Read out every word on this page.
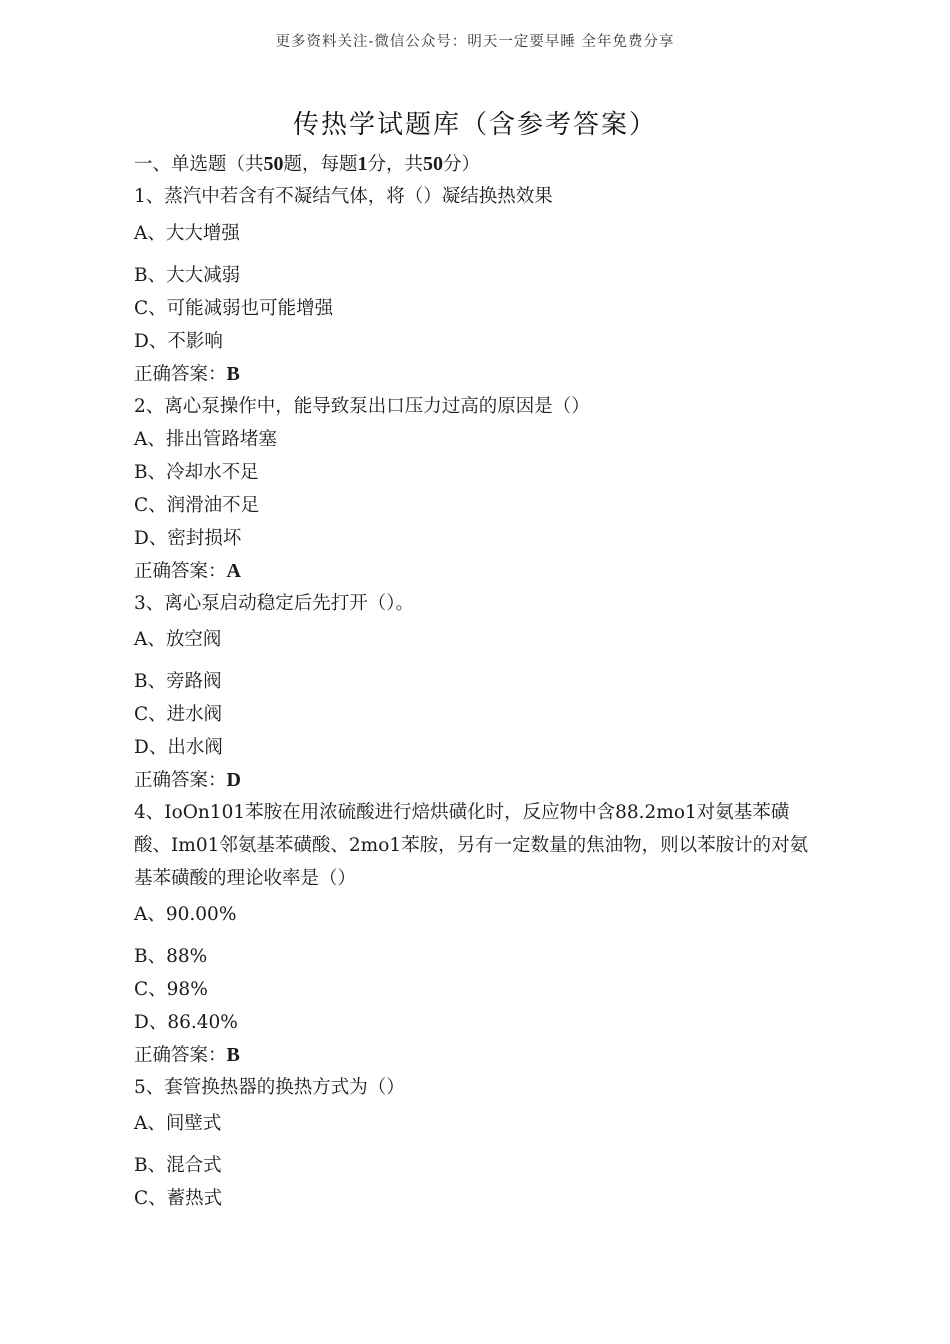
更多资料关注-微信公众号：明天一定要早睡 全年免费分享
传热学试题库（含参考答案）
一、单选题（共50题，每题1分，共50分）
1、蒸汽中若含有不凝结气体，将（）凝结换热效果
A、大大增强
B、大大减弱
C、可能减弱也可能增强
D、不影响
正确答案：B
2、离心泵操作中，能导致泵出口压力过高的原因是（）
A、排出管路堵塞
B、冷却水不足
C、润滑油不足
D、密封损坏
正确答案：A
3、离心泵启动稳定后先打开（）。
A、放空阀
B、旁路阀
C、进水阀
D、出水阀
正确答案：D
4、IoOn101苯胺在用浓硫酸进行焙烘磺化时，反应物中含88.2mo1对氨基苯磺酸、Im01邻氨基苯磺酸、2mo1苯胺，另有一定数量的焦油物，则以苯胺计的对氨基苯磺酸的理论收率是（）
A、90.00%
B、88%
C、98%
D、86.40%
正确答案：B
5、套管换热器的换热方式为（）
A、间壁式
B、混合式
C、蓄热式
